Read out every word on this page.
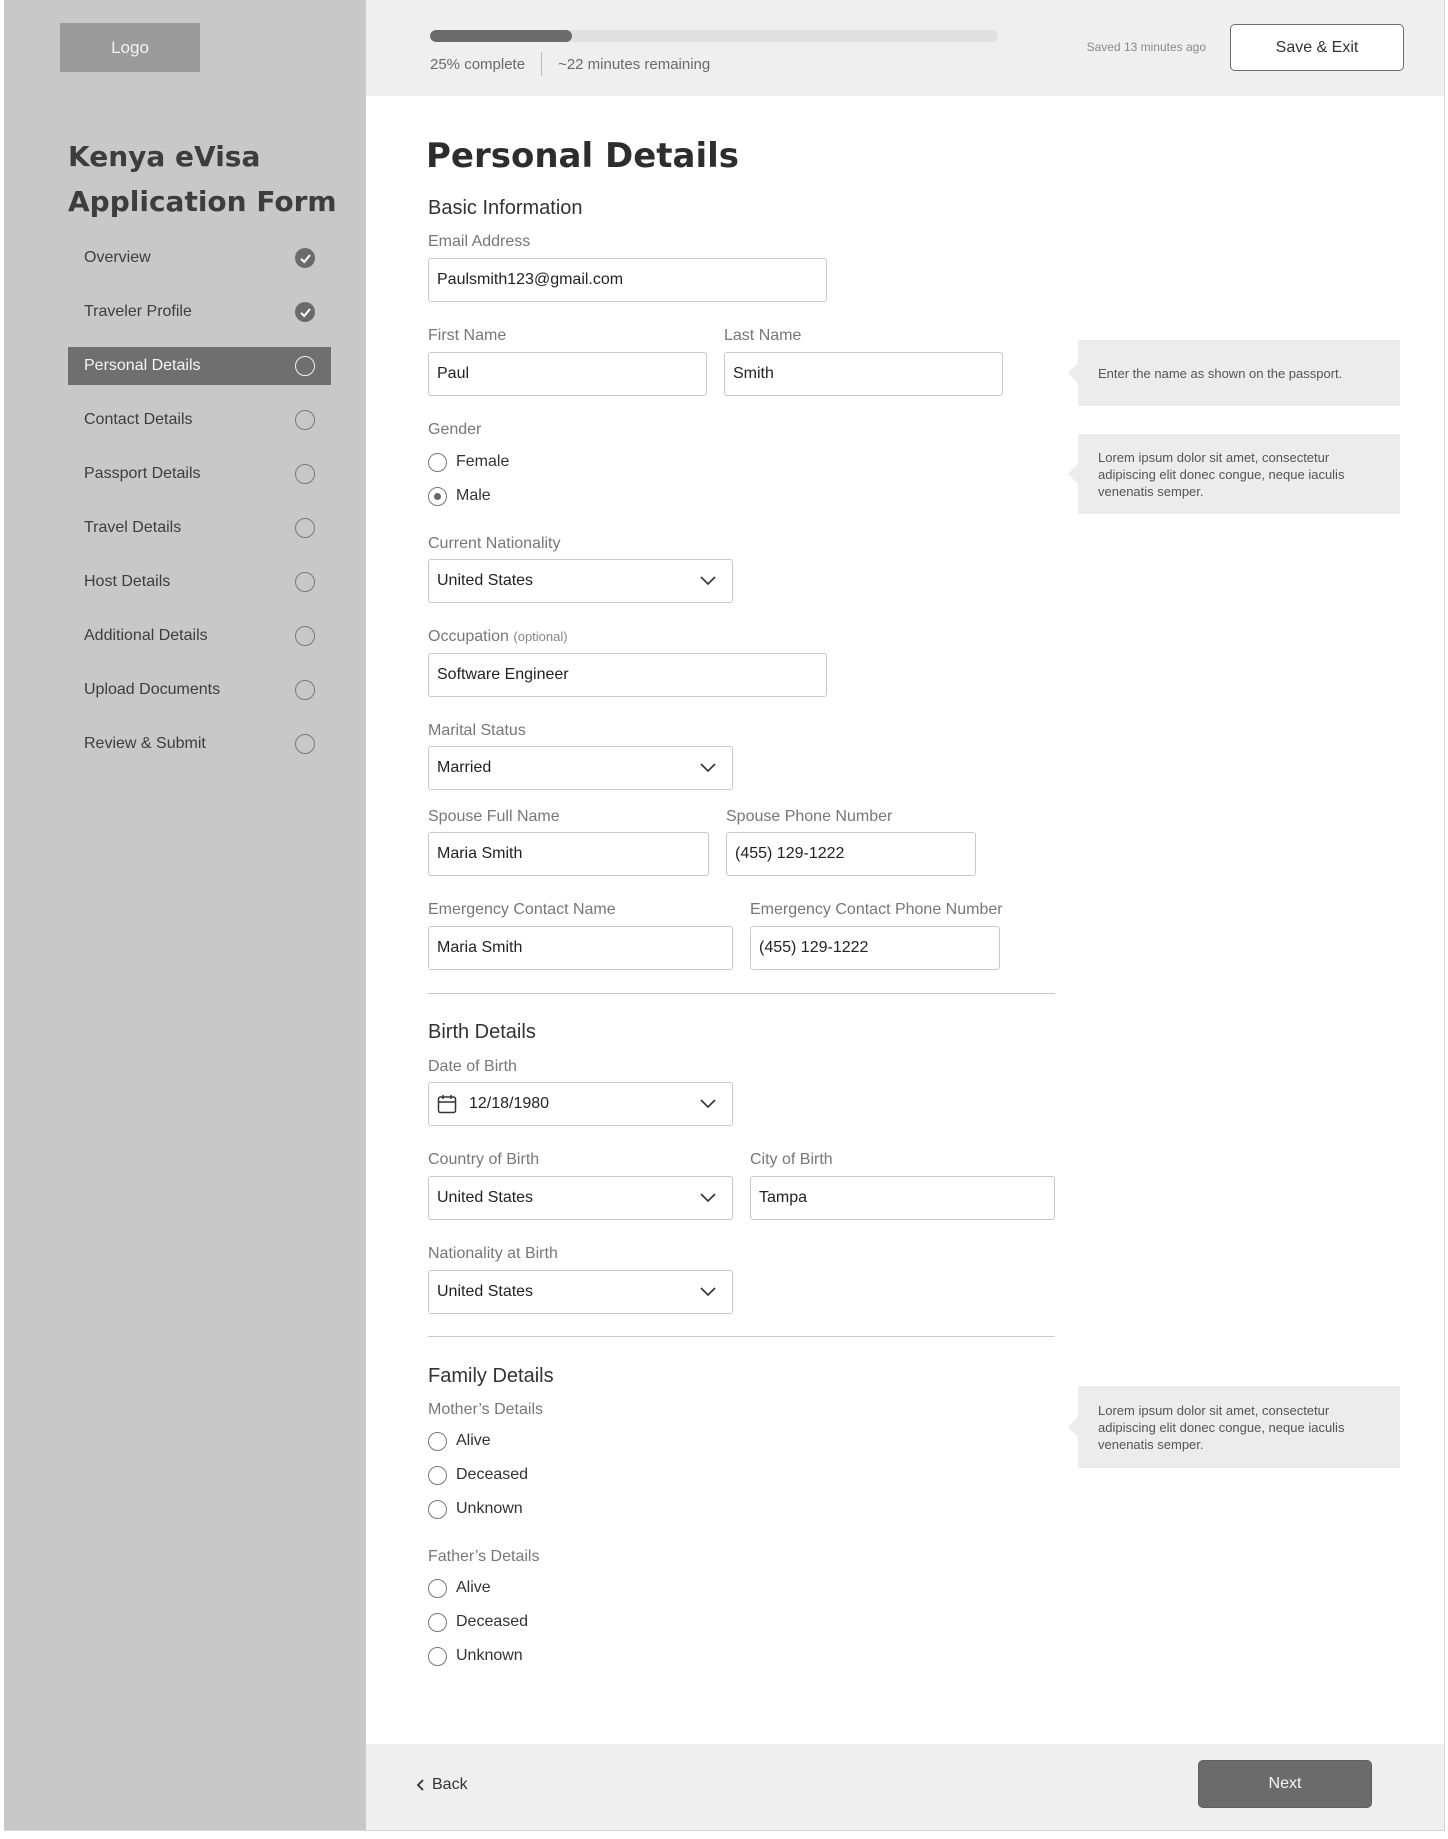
Logo
Kenya eVisa Application Form
Overview
Traveler Profile
Personal Details
Contact Details
Passport Details
Travel Details
Host Details
Additional Details
Upload Documents
Review & Submit
25% complete ~22 minutes remaining
Saved 13 minutes ago	Save & Exit
Personal Details
Basic Information
Email Address
Paulsmith123@gmail.com
First Name
Paul
Last Name
Smith
Gender
Female
Male
Current Nationality
United States
Occupation (optional)
Software Engineer
Marital Status
Married
Spouse Full Name
Maria Smith
Spouse Phone Number
(455) 129-1222
Emergency Contact Name
Maria Smith
Emergency Contact Phone Number
(455) 129-1222
Birth Details
Date of Birth
12/18/1980
Country of Birth
United States
City of Birth
Tampa
Nationality at Birth
United States
Family Details
Mother’s Details
Alive
Deceased
Unknown
Father’s Details
Alive
Deceased
Unknown
Enter the name as shown on the passport.
Lorem ipsum dolor sit amet, consectetur adipiscing elit donec congue, neque iaculis venenatis semper.
Lorem ipsum dolor sit amet, consectetur adipiscing elit donec congue, neque iaculis venenatis semper.
Back	Next
